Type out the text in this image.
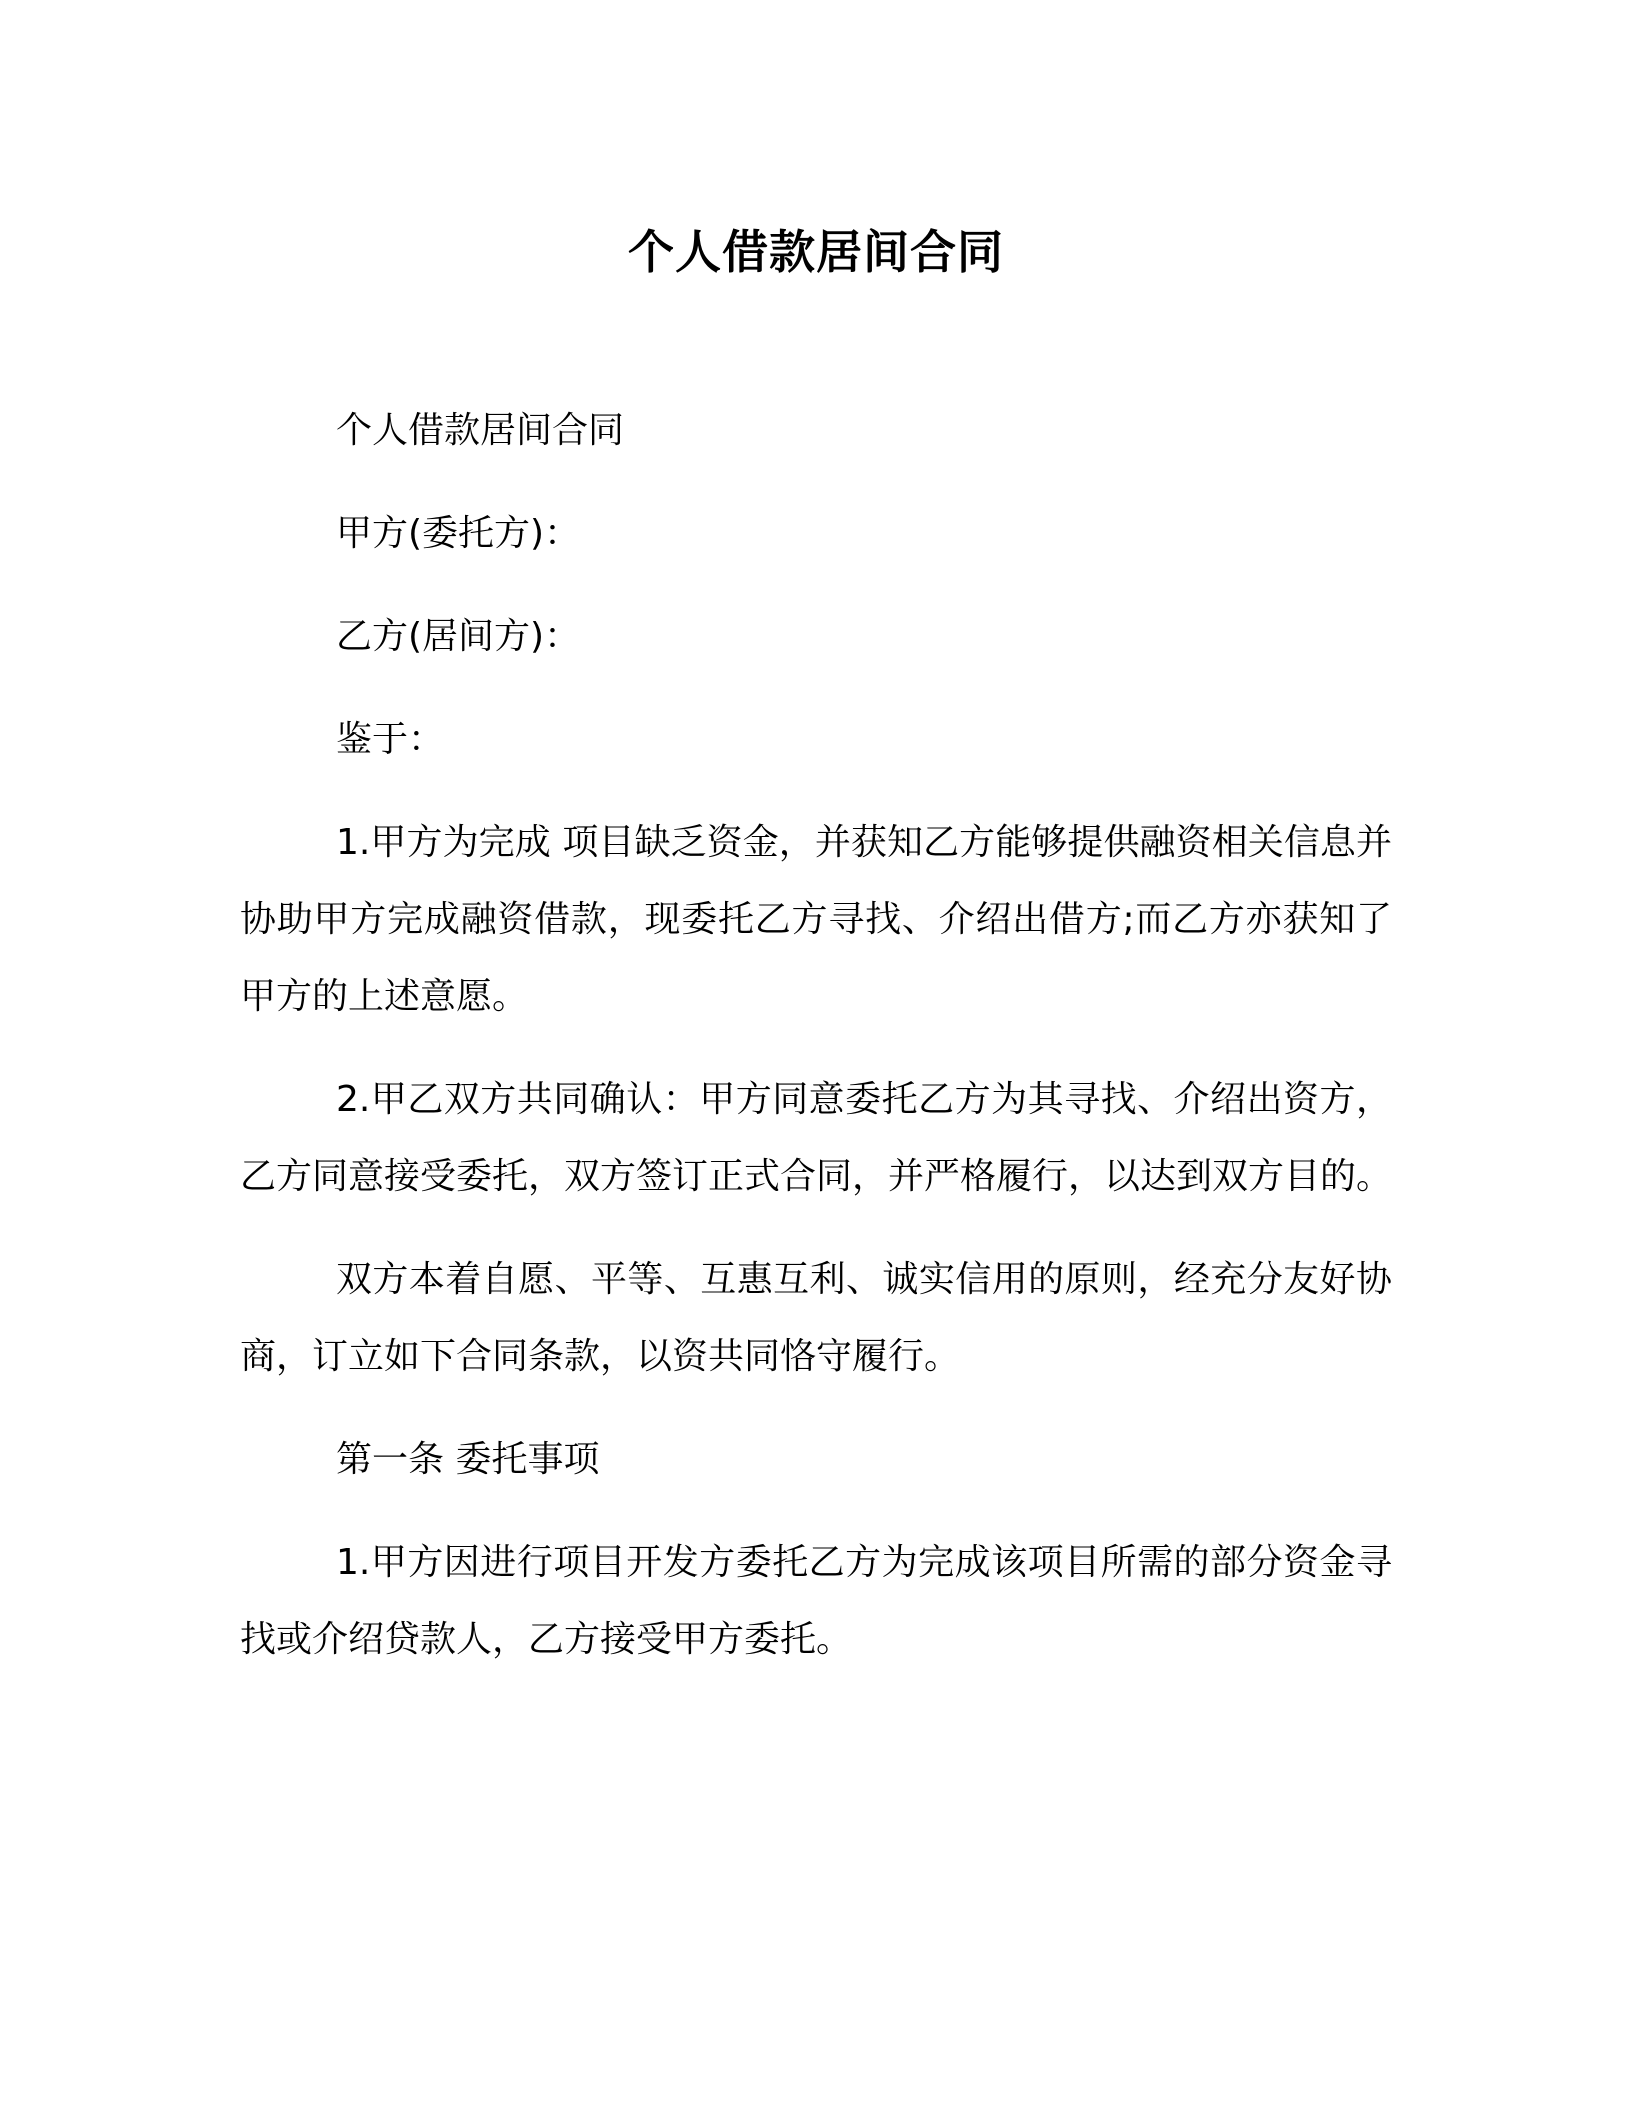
个人借款居间合同

个人借款居间合同

甲方(委托方)：

乙方(居间方)：

鉴于：

1.甲方为完成 项目缺乏资金，并获知乙方能够提供融资相关信息并协助甲方完成融资借款，现委托乙方寻找、介绍出借方;而乙方亦获知了甲方的上述意愿。

2.甲乙双方共同确认：甲方同意委托乙方为其寻找、介绍出资方，乙方同意接受委托，双方签订正式合同，并严格履行，以达到双方目的。

双方本着自愿、平等、互惠互利、诚实信用的原则，经充分友好协商，订立如下合同条款，以资共同恪守履行。

第一条 委托事项

1.甲方因进行项目开发方委托乙方为完成该项目所需的部分资金寻找或介绍贷款人，乙方接受甲方委托。
